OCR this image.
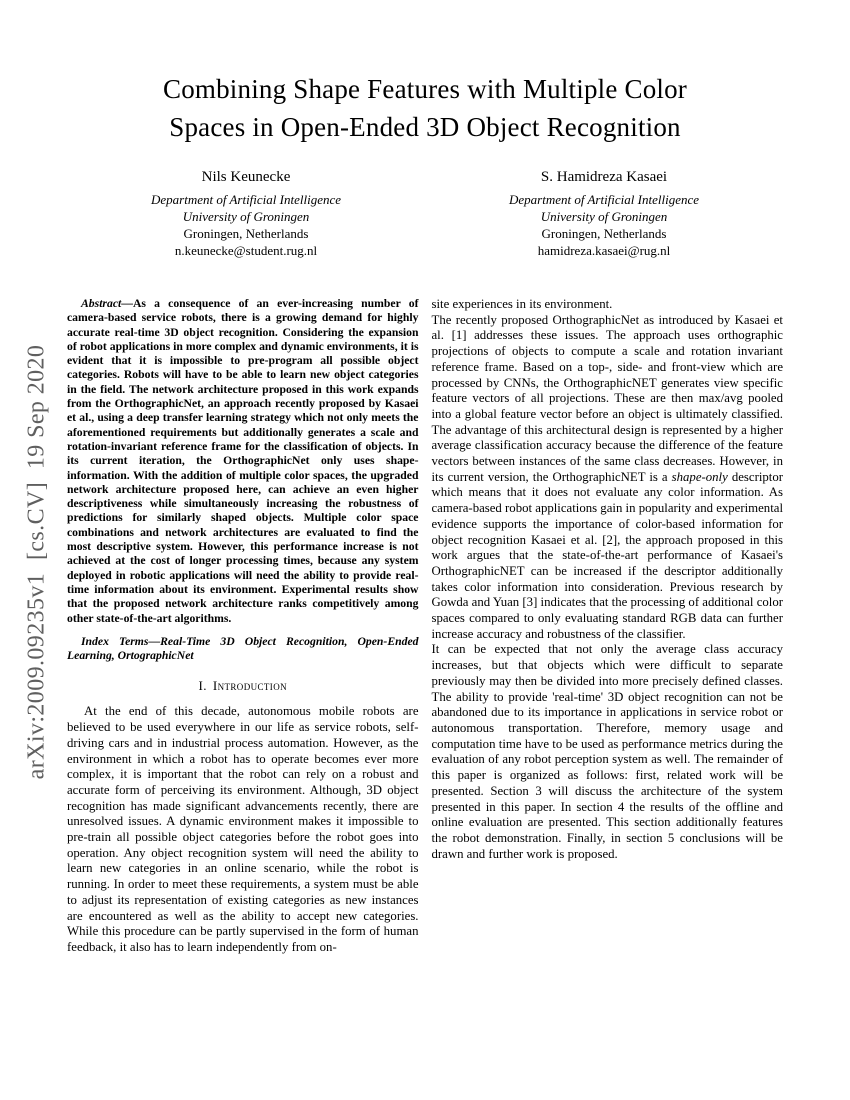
arXiv:2009.09235v1  [cs.CV]  19 Sep 2020
Combining Shape Features with Multiple Color
Spaces in Open-Ended 3D Object Recognition
Nils Keunecke
Department of Artificial Intelligence
University of Groningen
Groningen, Netherlands
n.keunecke@student.rug.nl
S. Hamidreza Kasaei
Department of Artificial Intelligence
University of Groningen
Groningen, Netherlands
hamidreza.kasaei@rug.nl

Abstract—As a consequence of an ever-increasing number of camera-based service robots, there is a growing demand for highly accurate real-time 3D object recognition. Considering the expansion of robot applications in more complex and dynamic environments, it is evident that it is impossible to pre-program all possible object categories. Robots will have to be able to learn new object categories in the field. The network architecture proposed in this work expands from the OrthographicNet, an approach recently proposed by Kasaei et al., using a deep transfer learning strategy which not only meets the aforementioned requirements but additionally generates a scale and rotation-invariant reference frame for the classification of objects. In its current iteration, the OrthographicNet only uses shape-information. With the addition of multiple color spaces, the upgraded network architecture proposed here, can achieve an even higher descriptiveness while simultaneously increasing the robustness of predictions for similarly shaped objects. Multiple color space combinations and network architectures are evaluated to find the most descriptive system. However, this performance increase is not achieved at the cost of longer processing times, because any system deployed in robotic applications will need the ability to provide real-time information about its environment. Experimental results show that the proposed network architecture ranks competitively among other state-of-the-art algorithms.

Index Terms—Real-Time 3D Object Recognition, Open-Ended Learning, OrtographicNet

I. Introduction

At the end of this decade, autonomous mobile robots are believed to be used everywhere in our life as service robots, self-driving cars and in industrial process automation. However, as the environment in which a robot has to operate becomes ever more complex, it is important that the robot can rely on a robust and accurate form of perceiving its environment. Although, 3D object recognition has made significant advancements recently, there are unresolved issues. A dynamic environment makes it impossible to pre-train all possible object categories before the robot goes into operation. Any object recognition system will need the ability to learn new categories in an online scenario, while the robot is running. In order to meet these requirements, a system must be able to adjust its representation of existing categories as new instances are encountered as well as the ability to accept new categories. While this procedure can be partly supervised in the form of human feedback, it also has to learn independently from on-

site experiences in its environment.

The recently proposed OrthographicNet as introduced by Kasaei et al. [1] addresses these issues. The approach uses orthographic projections of objects to compute a scale and rotation invariant reference frame. Based on a top-, side- and front-view which are processed by CNNs, the OrthographicNET generates view specific feature vectors of all projections. These are then max/avg pooled into a global feature vector before an object is ultimately classified. The advantage of this architectural design is represented by a higher average classification accuracy because the difference of the feature vectors between instances of the same class decreases. However, in its current version, the OrthographicNET is a shape-only descriptor which means that it does not evaluate any color information. As camera-based robot applications gain in popularity and experimental evidence supports the importance of color-based information for object recognition Kasaei et al. [2], the approach proposed in this work argues that the state-of-the-art performance of Kasaei's OrthographicNET can be increased if the descriptor additionally takes color information into consideration. Previous research by Gowda and Yuan [3] indicates that the processing of additional color spaces compared to only evaluating standard RGB data can further increase accuracy and robustness of the classifier.

It can be expected that not only the average class accuracy increases, but that objects which were difficult to separate previously may then be divided into more precisely defined classes. The ability to provide 'real-time' 3D object recognition can not be abandoned due to its importance in applications in service robot or autonomous transportation. Therefore, memory usage and computation time have to be used as performance metrics during the evaluation of any robot perception system as well. The remainder of this paper is organized as follows: first, related work will be presented. Section 3 will discuss the architecture of the system presented in this paper. In section 4 the results of the offline and online evaluation are presented. This section additionally features the robot demonstration. Finally, in section 5 conclusions will be drawn and further work is proposed.
